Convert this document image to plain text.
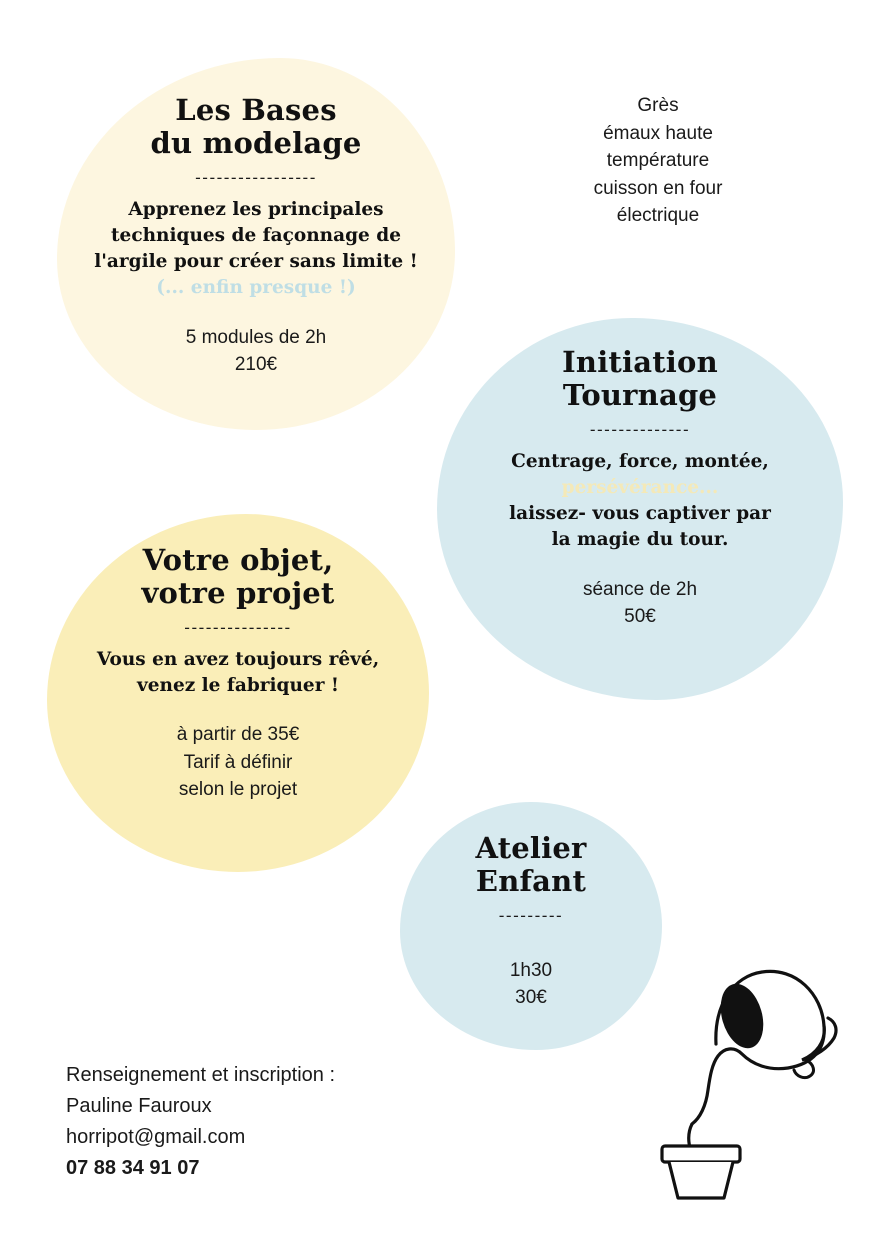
Grès
émaux haute
température
cuisson en four
électrique
Les Bases
du modelage
-----------------
Apprenez les principales
techniques de façonnage de
l'argile pour créer sans limite !
(... enfin presque !)
5 modules de 2h
210€	Initiation
Tournage
--------------
Centrage, force, montée,
persévérance...
laissez- vous captiver par
la magie du tour.
séance de 2h
50€
Votre objet,
votre projet
---------------
Vous en avez toujours rêvé,
venez le fabriquer !
à partir de 35€
Tarif à définir
selon le projet
Atelier
Enfant
---------
1h30
30€
Renseignement et inscription :
Pauline Fauroux
horripot@gmail.com
07 88 34 91 07
